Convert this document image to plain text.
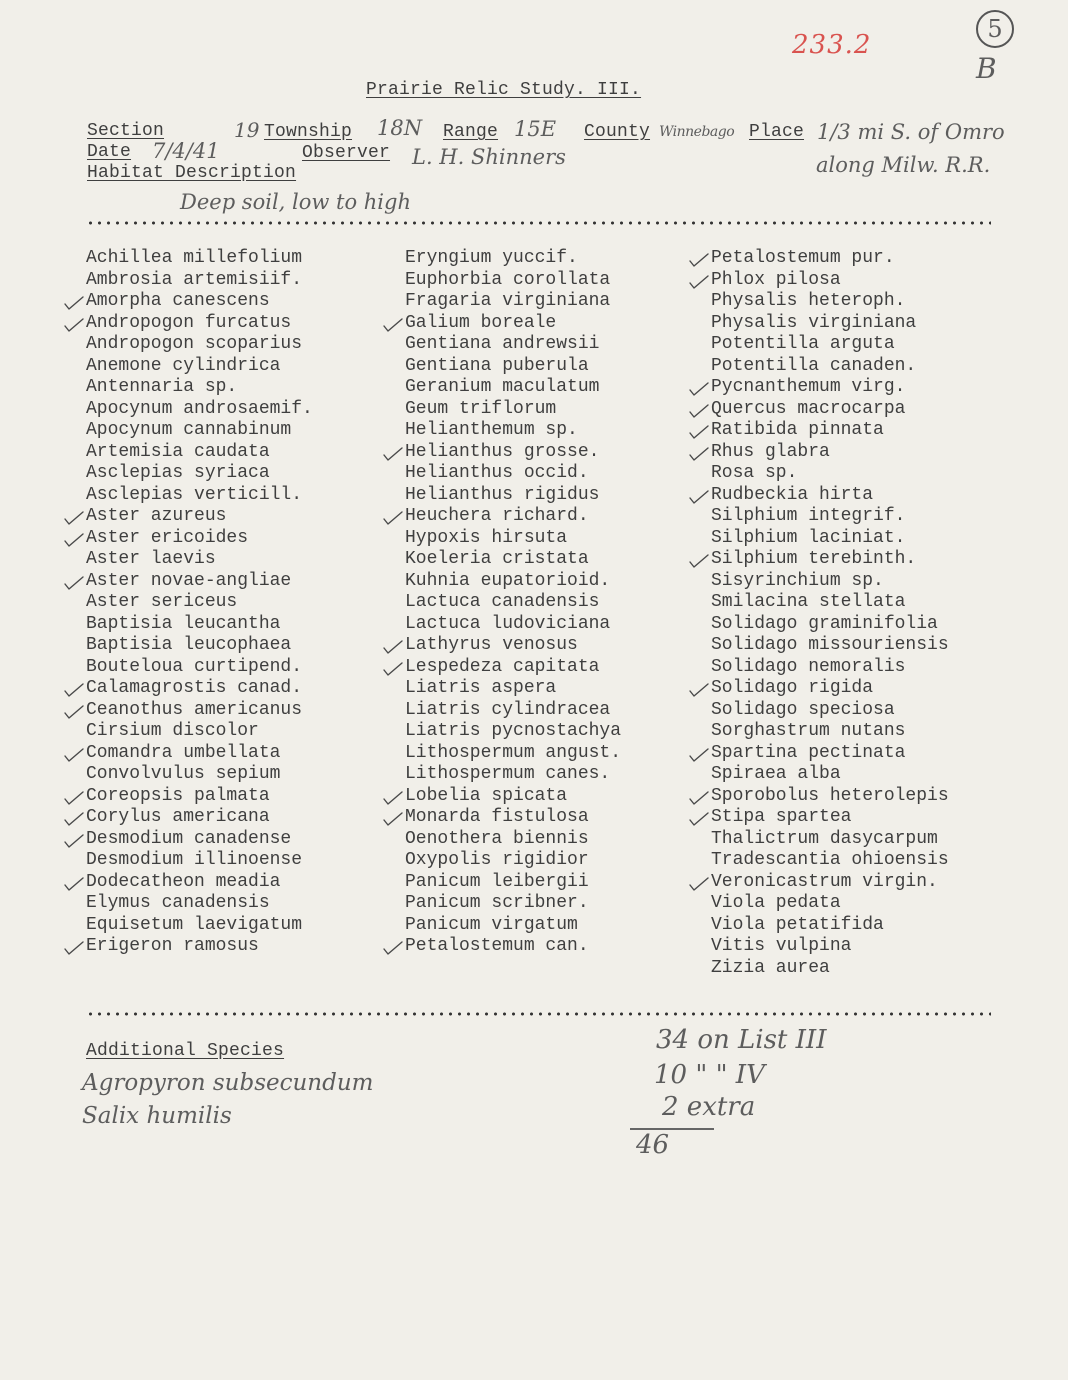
5
B
233.2
Prairie Relic Study. III.
Section	19 Township 18N Range 15E County Winnebago Place 1/3 mi S. of Omro
along Milw. R.R.
Date 7/4/41	Observer L. H. Shinners
Habitat Description
Deep soil, low to high
Achillea millefolium
Ambrosia artemisiif.
Amorpha canescens
Andropogon furcatus
Andropogon scoparius
Anemone cylindrica
Antennaria sp.
Apocynum androsaemif.
Apocynum cannabinum
Artemisia caudata
Asclepias syriaca
Asclepias verticill.
Aster azureus
Aster ericoides
Aster laevis
Aster novae-angliae
Aster sericeus
Baptisia leucantha
Baptisia leucophaea
Bouteloua curtipend.
Calamagrostis canad.
Ceanothus americanus
Cirsium discolor
Comandra umbellata
Convolvulus sepium
Coreopsis palmata
Corylus americana
Desmodium canadense
Desmodium illinoense
Dodecatheon meadia
Elymus canadensis
Equisetum laevigatum
Erigeron ramosus
Eryngium yuccif.
Euphorbia corollata
Fragaria virginiana
Galium boreale
Gentiana andrewsii
Gentiana puberula
Geranium maculatum
Geum triflorum
Helianthemum sp.
Helianthus grosse.
Helianthus occid.
Helianthus rigidus
Heuchera richard.
Hypoxis hirsuta
Koeleria cristata
Kuhnia eupatorioid.
Lactuca canadensis
Lactuca ludoviciana
Lathyrus venosus
Lespedeza capitata
Liatris aspera
Liatris cylindracea
Liatris pycnostachya
Lithospermum angust.
Lithospermum canes.
Lobelia spicata
Monarda fistulosa
Oenothera biennis
Oxypolis rigidior
Panicum leibergii
Panicum scribner.
Panicum virgatum
Petalostemum can.
Petalostemum pur.
Phlox pilosa
Physalis heteroph.
Physalis virginiana
Potentilla arguta
Potentilla canaden.
Pycnanthemum virg.
Quercus macrocarpa
Ratibida pinnata
Rhus glabra
Rosa sp.
Rudbeckia hirta
Silphium integrif.
Silphium laciniat.
Silphium terebinth.
Sisyrinchium sp.
Smilacina stellata
Solidago graminifolia
Solidago missouriensis
Solidago nemoralis
Solidago rigida
Solidago speciosa
Sorghastrum nutans
Spartina pectinata
Spiraea alba
Sporobolus heterolepis
Stipa spartea
Thalictrum dasycarpum
Tradescantia ohioensis
Veronicastrum virgin.
Viola pedata
Viola petatifida
Vitis vulpina
Zizia aurea
Additional Species
Agropyron subsecundum
Salix humilis
34 on List III
10 " " IV
2 extra
46
